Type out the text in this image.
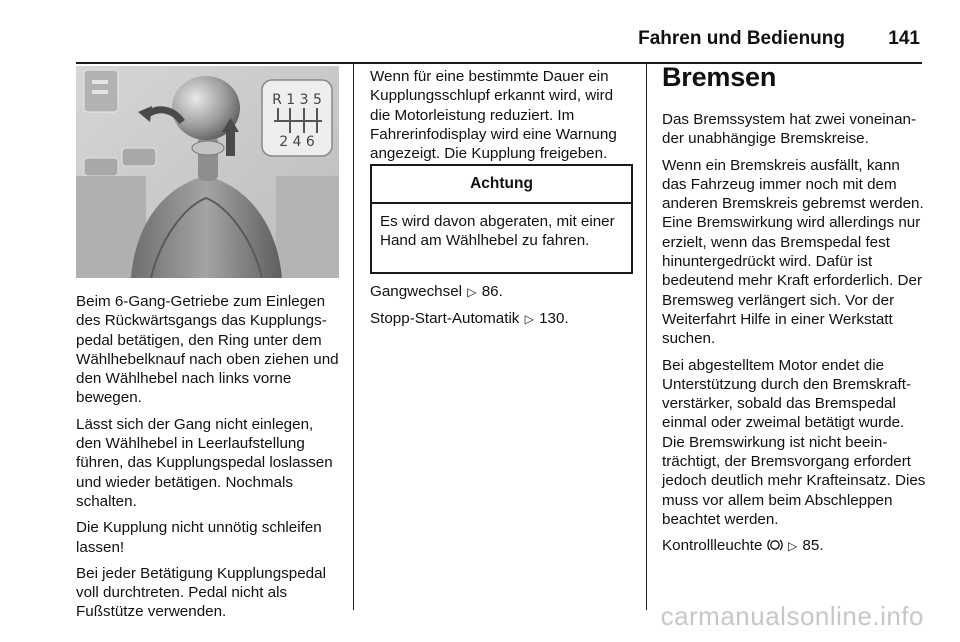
Fahren und Bedienung 141
R 1 3 5
2 4 6

Beim 6-Gang-Getriebe zum Einlegen des Rückwärtsgangs das Kupplungspedal betätigen, den Ring unter dem Wählhebelknauf nach oben ziehen und den Wählhebel nach links vorne bewegen.

Lässt sich der Gang nicht einlegen, den Wählhebel in Leerlaufstellung führen, das Kupplungspedal loslassen und wieder betätigen. Nochmals schalten.

Die Kupplung nicht unnötig schleifen lassen!

Bei jeder Betätigung Kupplungspedal voll durchtreten. Pedal nicht als Fußstütze verwenden.

Wenn für eine bestimmte Dauer ein Kupplungsschlupf erkannt wird, wird die Motorleistung reduziert. Im Fahrerinfodisplay wird eine Warnung angezeigt. Die Kupplung freigeben.

Achtung
Es wird davon abgeraten, mit einer Hand am Wählhebel zu fahren.

Gangwechsel ▷ 86.

Stopp-Start-Automatik ▷ 130.

Bremsen

Das Bremssystem hat zwei voneinander unabhängige Bremskreise.

Wenn ein Bremskreis ausfällt, kann das Fahrzeug immer noch mit dem anderen Bremskreis gebremst werden. Eine Bremswirkung wird allerdings nur erzielt, wenn das Bremspedal fest hinuntergedrückt wird. Dafür ist bedeutend mehr Kraft erforderlich. Der Bremsweg verlängert sich. Vor der Weiterfahrt Hilfe in einer Werkstatt suchen.

Bei abgestelltem Motor endet die Unterstützung durch den Bremskraftverstärker, sobald das Bremspedal einmal oder zweimal betätigt wurde. Die Bremswirkung ist nicht beeinträchtigt, der Bremsvorgang erfordert jedoch deutlich mehr Krafteinsatz. Dies muss vor allem beim Abschleppen beachtet werden.

Kontrollleuchte ▷ 85.

carmanualsonline.info
